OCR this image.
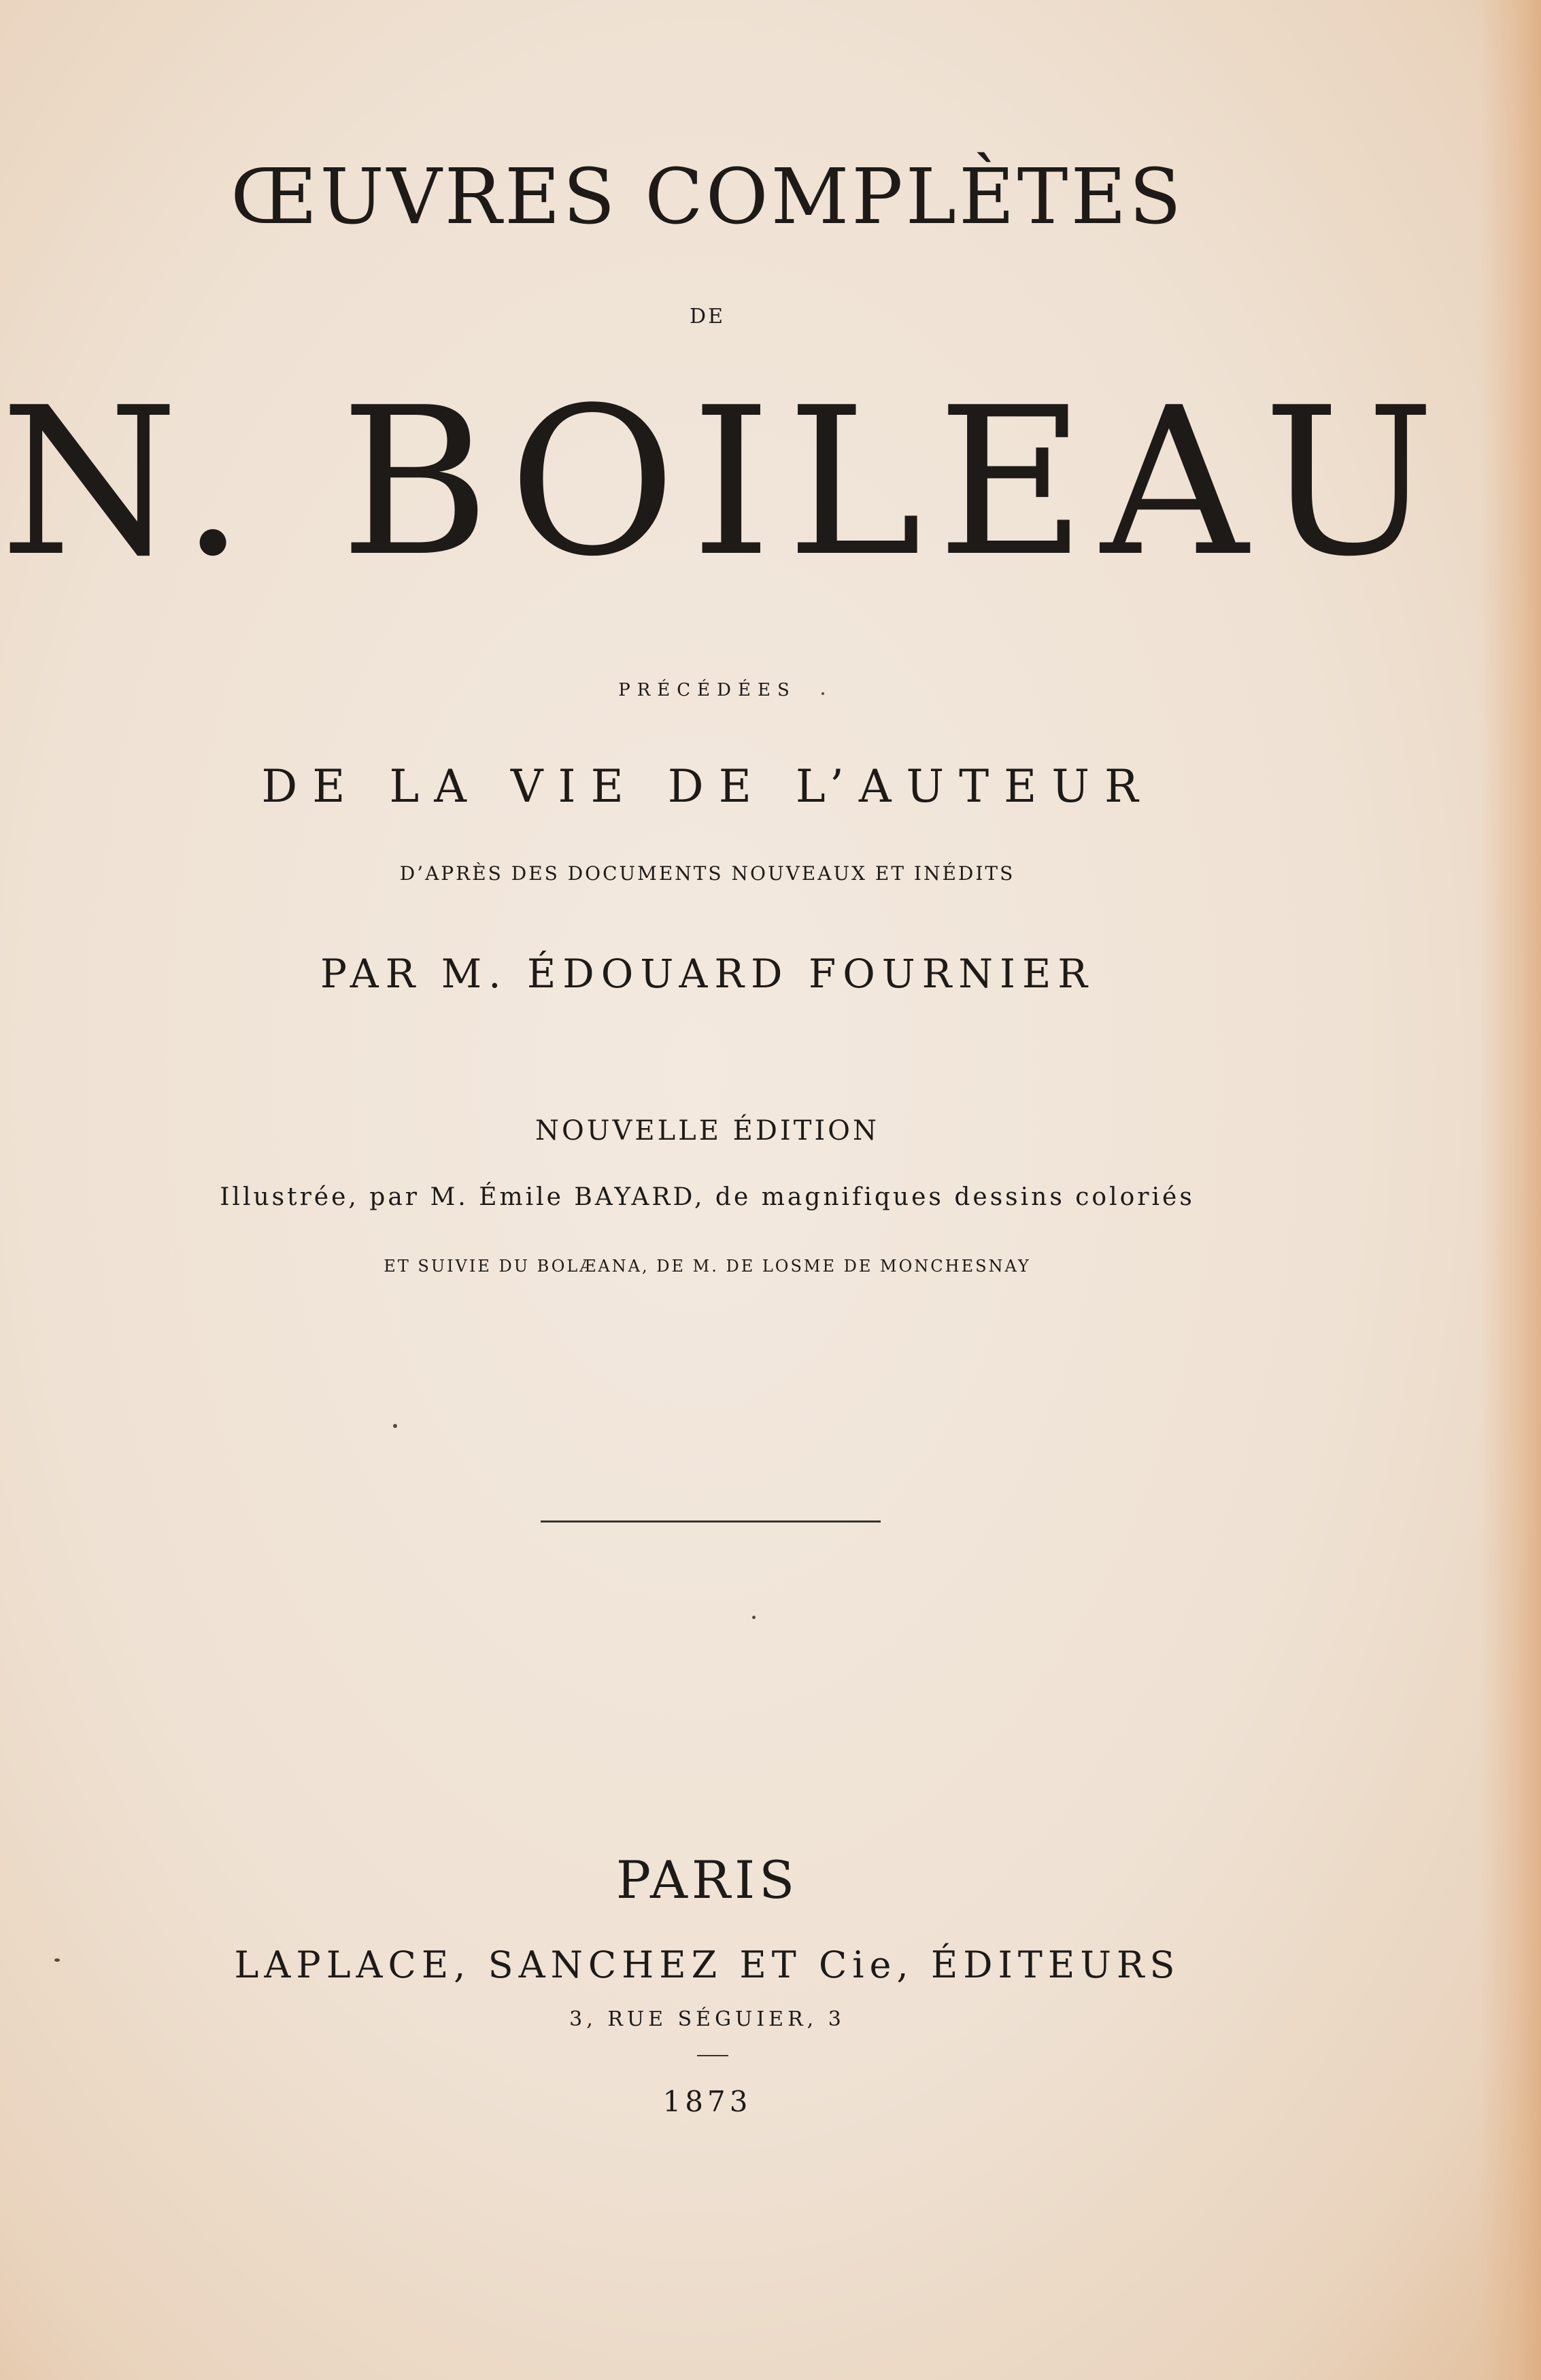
ŒUVRES COMPLÈTES
DE
N. BOILEAU
PRÉCÉDÉES
DE LA VIE DE L’AUTEUR
D’APRÈS DES DOCUMENTS NOUVEAUX ET INÉDITS
PAR M. ÉDOUARD FOURNIER
NOUVELLE ÉDITION
Illustrée, par M. Émile BAYARD, de magnifiques dessins coloriés
ET SUIVIE DU BOLÆANA, DE M. DE LOSME DE MONCHESNAY
PARIS
LAPLACE, SANCHEZ ET Cie, ÉDITEURS
3, RUE SÉGUIER, 3
1873
